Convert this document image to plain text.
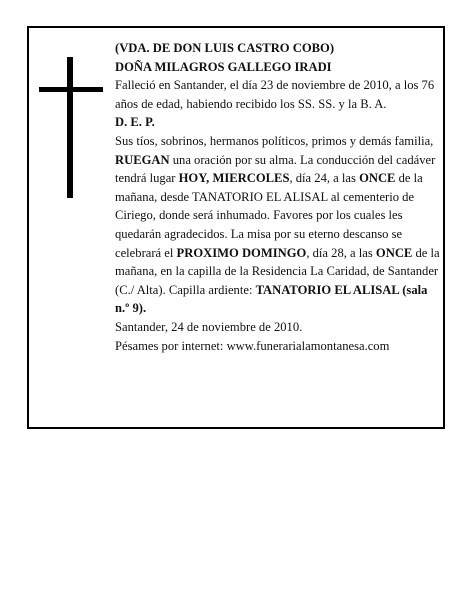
(VDA. DE DON LUIS CASTRO COBO)

DOÑA MILAGROS GALLEGO IRADI

Falleció en Santander, el día 23 de noviembre de 2010, a los 76 años de edad, habiendo recibido los SS. SS. y la B. A.

D. E. P.

Sus tíos, sobrinos, hermanos políticos, primos y demás familia,

RUEGAN una oración por su alma. La conducción del cadáver tendrá lugar HOY, MIERCOLES, día 24, a las ONCE de la mañana, desde TANATORIO EL ALISAL al cementerio de Ciriego, donde será inhumado. Favores por los cuales les quedarán agradecidos. La misa por su eterno descanso se celebrará el PROXIMO DOMINGO, día 28, a las ONCE de la mañana, en la capilla de la Residencia La Caridad, de Santander (C./ Alta). Capilla ardiente: TANATORIO EL ALISAL (sala n.º 9).

Santander, 24 de noviembre de 2010.

Pésames por internet: www.funerarialamontanesa.com
